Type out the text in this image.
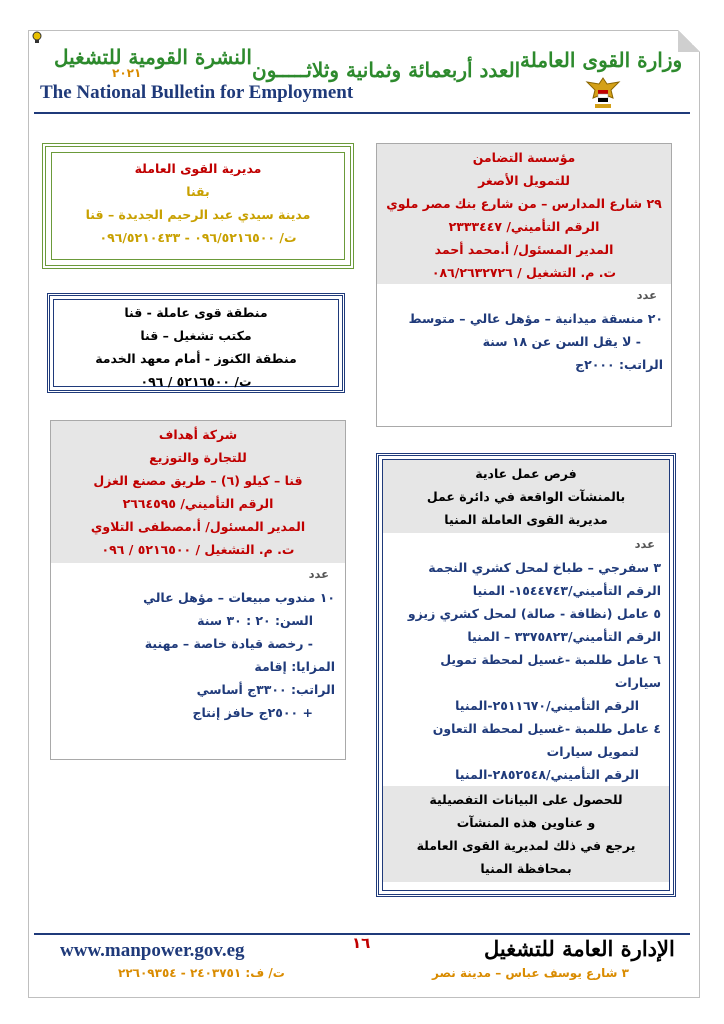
النشرة القومية للتشغيل
٢٠٢١
The National Bulletin for Employment
العدد أربعمائة وثمانية وثلاثـــــون وزارة القوى العاملة
مؤسسة التضامن
للتمويل الأصغر
٢٩ شارع المدارس – من شارع بنك مصر ملوي
الرقم التأميني/ ٢٣٣٣٤٤٧
المدير المسئول/ أ.محمد أحمد
ت. م. التشغيل / ٠٨٦/٢٦٣٢٧٢٦
عدد
٢٠ منسقة ميدانية – مؤهل عالي – متوسط
- لا يقل السن عن ١٨ سنة
الراتب: ٢٠٠٠ج
مديرية القوى العاملة
بقنا
مدينة سيدي عبد الرحيم الجديدة – قنا
ت/ ٠٩٦/٥٢١٦٥٠٠ - ٠٩٦/٥٢١٠٤٣٣
منطقة قوى عاملة - قنا
مكتب تشغيل – قنا
منطقة الكنوز - أمام معهد الخدمة
ت/ ٥٢١٦٥٠٠ / ٠٩٦
شركة أهداف
للتجارة والتوزيع
قنا – كيلو (٦) – طريق مصنع الغزل
الرقم التأميني/ ٢٦٦٤٥٩٥
المدير المسئول/ أ.مصطفى التلاوي
ت. م. التشغيل / ٥٢١٦٥٠٠ / ٠٩٦
عدد
١٠ مندوب مبيعات – مؤهل عالي
السن: ٢٠ : ٣٠ سنة
- رخصة قيادة خاصة – مهنية
المزايا: إقامة
الراتب: ٣٣٠٠ج أساسي
+ ٢٥٠٠ج حافز إنتاج
فرص عمل عادية
بالمنشآت الواقعة في دائرة عمل
مديرية القوى العاملة المنيا
عدد
٣ سفرجي – طباخ لمحل كشري النجمة
الرقم التأميني/١٥٤٤٧٤٣- المنيا
٥ عامل (نظافة - صالة) لمحل كشري زيزو
الرقم التأميني/٣٣٧٥٨٢٣ – المنيا
٦ عامل طلمبة -غسيل لمحطة تمويل سيارات
الرقم التأميني/٢٥١١٦٧٠-المنيا
٤ عامل طلمبة -غسيل لمحطة التعاون
لتمويل سيارات
الرقم التأميني/٢٨٥٢٥٤٨-المنيا
للحصول على البيانات التفصيلية
و عناوين هذه المنشآت
يرجع في ذلك لمديرية القوى العاملة
بمحافظة المنيا
www.manpower.gov.eg	١٦	الإدارة العامة للتشغيل
٣ شارع يوسف عباس – مدينة نصر
ت/ ف: ٢٤٠٣٧٥١ - ٢٢٦٠٩٣٥٤
